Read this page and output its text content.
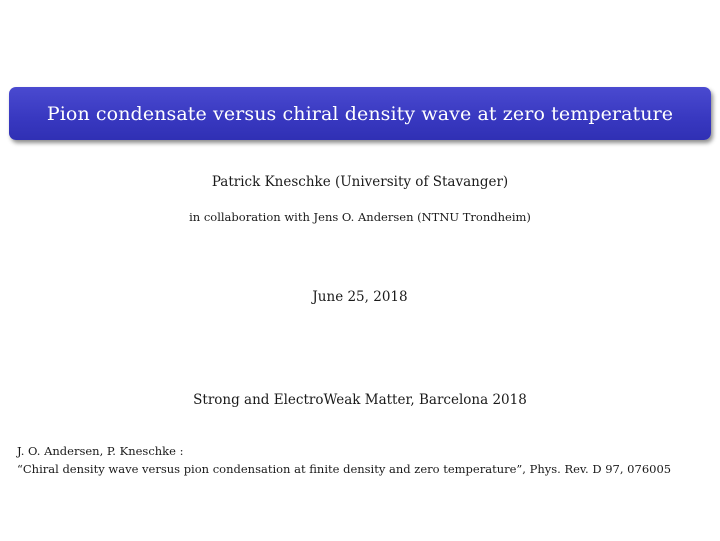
Pion condensate versus chiral density wave at zero temperature
Patrick Kneschke (University of Stavanger)
in collaboration with Jens O. Andersen (NTNU Trondheim)
June 25, 2018
Strong and ElectroWeak Matter, Barcelona 2018
J. O. Andersen, P. Kneschke :
“Chiral density wave versus pion condensation at finite density and zero temperature”, Phys. Rev. D 97, 076005
